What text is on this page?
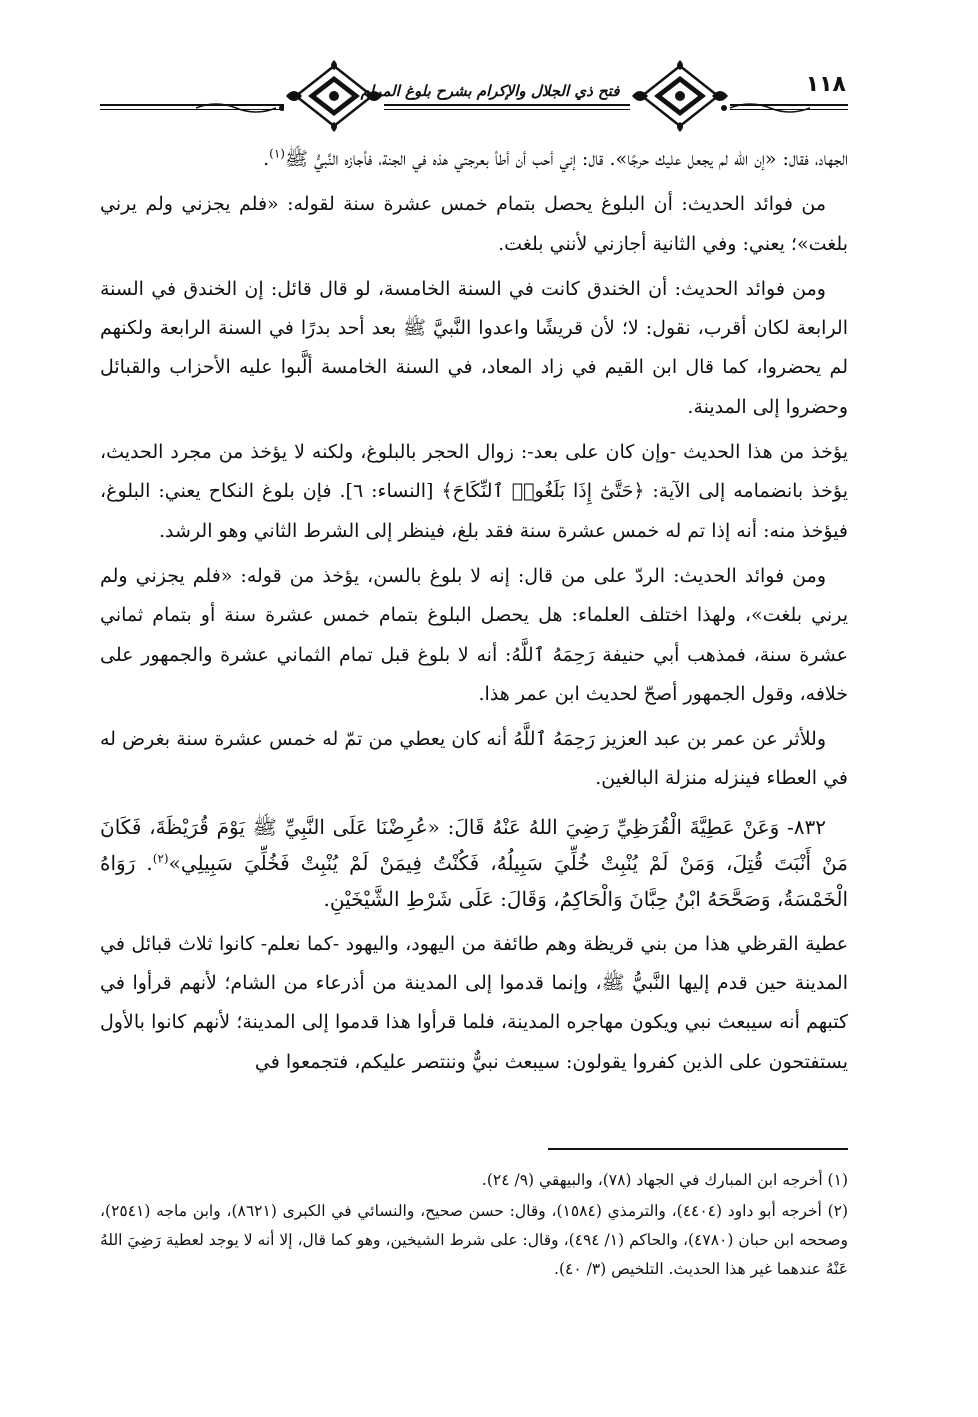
فتح ذي الجلال والإكرام بشرح بلوغ المرام	١١٨

الجهاد، فقال: «إن الله لم يجعل عليك حرجًا». قال: إني أحب أن أطأ بعرجتي هذه في الجنة، فأجازه النَّبيُّ ﷺ$^{(١)}$.

من فوائد الحديث: أن البلوغ يحصل بتمام خمس عشرة سنة لقوله: «فلم يجزني ولم يرني بلغت»؛ يعني: وفي الثانية أجازني لأنني بلغت.

ومن فوائد الحديث: أن الخندق كانت في السنة الخامسة، لو قال قائل: إن الخندق في السنة الرابعة لكان أقرب، نقول: لا؛ لأن قريشًا واعدوا النَّبيَّ ﷺ بعد أحد بدرًا في السنة الرابعة ولكنهم لم يحضروا، كما قال ابن القيم في زاد المعاد، في السنة الخامسة ألَّبوا عليه الأحزاب والقبائل وحضروا إلى المدينة.

يؤخذ من هذا الحديث -وإن كان على بعد-: زوال الحجر بالبلوغ، ولكنه لا يؤخذ من مجرد الحديث، يؤخذ بانضمامه إلى الآية: ﴿حَتَّىٰٓ إِذَا بَلَغُوا۟ ٱلنِّكَاحَ﴾ [النساء: ٦]. فإن بلوغ النكاح يعني: البلوغ، فيؤخذ منه: أنه إذا تم له خمس عشرة سنة فقد بلغ، فينظر إلى الشرط الثاني وهو الرشد.

ومن فوائد الحديث: الردّ على من قال: إنه لا بلوغ بالسن، يؤخذ من قوله: «فلم يجزني ولم يرني بلغت»، ولهذا اختلف العلماء: هل يحصل البلوغ بتمام خمس عشرة سنة أو بتمام ثماني عشرة سنة، فمذهب أبي حنيفة رَحِمَهُ ٱللَّهُ: أنه لا بلوغ قبل تمام الثماني عشرة والجمهور على خلافه، وقول الجمهور أصحّ لحديث ابن عمر هذا.

وللأثر عن عمر بن عبد العزيز رَحِمَهُ ٱللَّهُ أنه كان يعطي من تمّ له خمس عشرة سنة بغرض له في العطاء فينزله منزلة البالغين.

٨٣٢- وَعَنْ عَطِيَّةَ الْقُرَظِيِّ رَضِيَ اللهُ عَنْهُ قَالَ: «عُرِضْنَا عَلَى النَّبِيِّ ﷺ يَوْمَ قُرَيْظَةَ، فَكَانَ مَنْ أَنْبَتَ قُتِلَ، وَمَنْ لَمْ يُنْبِتْ خُلِّيَ سَبِيلُهُ، فَكُنْتُ فِيمَنْ لَمْ يُنْبِتْ فَخُلِّيَ سَبِيلِي»$^{(٢)}$. رَوَاهُ الْخَمْسَةُ، وَصَحَّحَهُ ابْنُ حِبَّانَ وَالْحَاكِمُ، وَقَالَ: عَلَى شَرْطِ الشَّيْخَيْنِ.

عطية القرظي هذا من بني قريظة وهم طائفة من اليهود، واليهود -كما نعلم- كانوا ثلاث قبائل في المدينة حين قدم إليها النَّبيُّ ﷺ، وإنما قدموا إلى المدينة من أذرعاء من الشام؛ لأنهم قرأوا في كتبهم أنه سيبعث نبي ويكون مهاجره المدينة، فلما قرأوا هذا قدموا إلى المدينة؛ لأنهم كانوا بالأول يستفتحون على الذين كفروا يقولون: سيبعث نبيٌّ وننتصر عليكم، فتجمعوا في

(١) أخرجه ابن المبارك في الجهاد (٧٨)، والبيهقي (٩/ ٢٤).

(٢) أخرجه أبو داود (٤٤٠٤)، والترمذي (١٥٨٤)، وقال: حسن صحيح، والنسائي في الكبرى (٨٦٢١)، وابن ماجه (٢٥٤١)، وصححه ابن حبان (٤٧٨٠)، والحاكم (١/ ٤٩٤)، وقال: على شرط الشيخين، وهو كما قال، إلا أنه لا يوجد لعطية رَضِيَ اللهُ عَنْهُ عندهما غير هذا الحديث. التلخيص (٣/ ٤٠).
